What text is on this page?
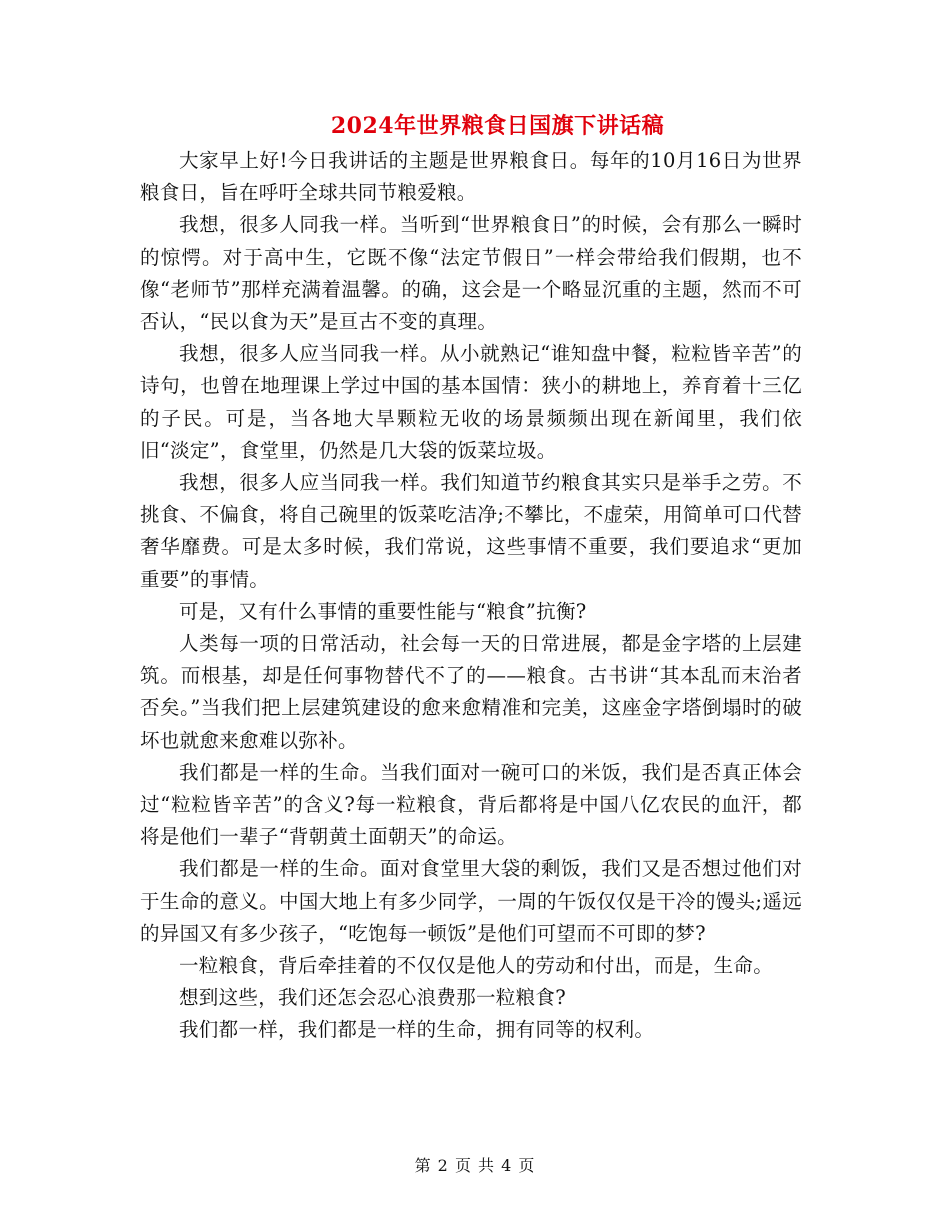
2024年世界粮食日国旗下讲话稿

大家早上好!今日我讲话的主题是世界粮食日。每年的10月16日为世界粮食日，旨在呼吁全球共同节粮爱粮。

我想，很多人同我一样。当听到“世界粮食日”的时候，会有那么一瞬时的惊愕。对于高中生，它既不像“法定节假日”一样会带给我们假期，也不像“老师节”那样充满着温馨。的确，这会是一个略显沉重的主题，然而不可否认，“民以食为天”是亘古不变的真理。

我想，很多人应当同我一样。从小就熟记“谁知盘中餐，粒粒皆辛苦”的诗句，也曾在地理课上学过中国的基本国情：狭小的耕地上，养育着十三亿的子民。可是，当各地大旱颗粒无收的场景频频出现在新闻里，我们依旧“淡定”，食堂里，仍然是几大袋的饭菜垃圾。

我想，很多人应当同我一样。我们知道节约粮食其实只是举手之劳。不挑食、不偏食，将自己碗里的饭菜吃洁净;不攀比，不虚荣，用简单可口代替奢华靡费。可是太多时候，我们常说，这些事情不重要，我们要追求“更加重要”的事情。

可是，又有什么事情的重要性能与“粮食”抗衡?

人类每一项的日常活动，社会每一天的日常进展，都是金字塔的上层建筑。而根基，却是任何事物替代不了的——粮食。古书讲“其本乱而末治者否矣。”当我们把上层建筑建设的愈来愈精准和完美，这座金字塔倒塌时的破坏也就愈来愈难以弥补。

我们都是一样的生命。当我们面对一碗可口的米饭，我们是否真正体会过“粒粒皆辛苦”的含义?每一粒粮食，背后都将是中国八亿农民的血汗，都将是他们一辈子“背朝黄土面朝天”的命运。

我们都是一样的生命。面对食堂里大袋的剩饭，我们又是否想过他们对于生命的意义。中国大地上有多少同学，一周的午饭仅仅是干冷的馒头;遥远的异国又有多少孩子，“吃饱每一顿饭”是他们可望而不可即的梦?

一粒粮食，背后牵挂着的不仅仅是他人的劳动和付出，而是，生命。

想到这些，我们还怎会忍心浪费那一粒粮食?

我们都一样，我们都是一样的生命，拥有同等的权利。

第 2 页 共 4 页
